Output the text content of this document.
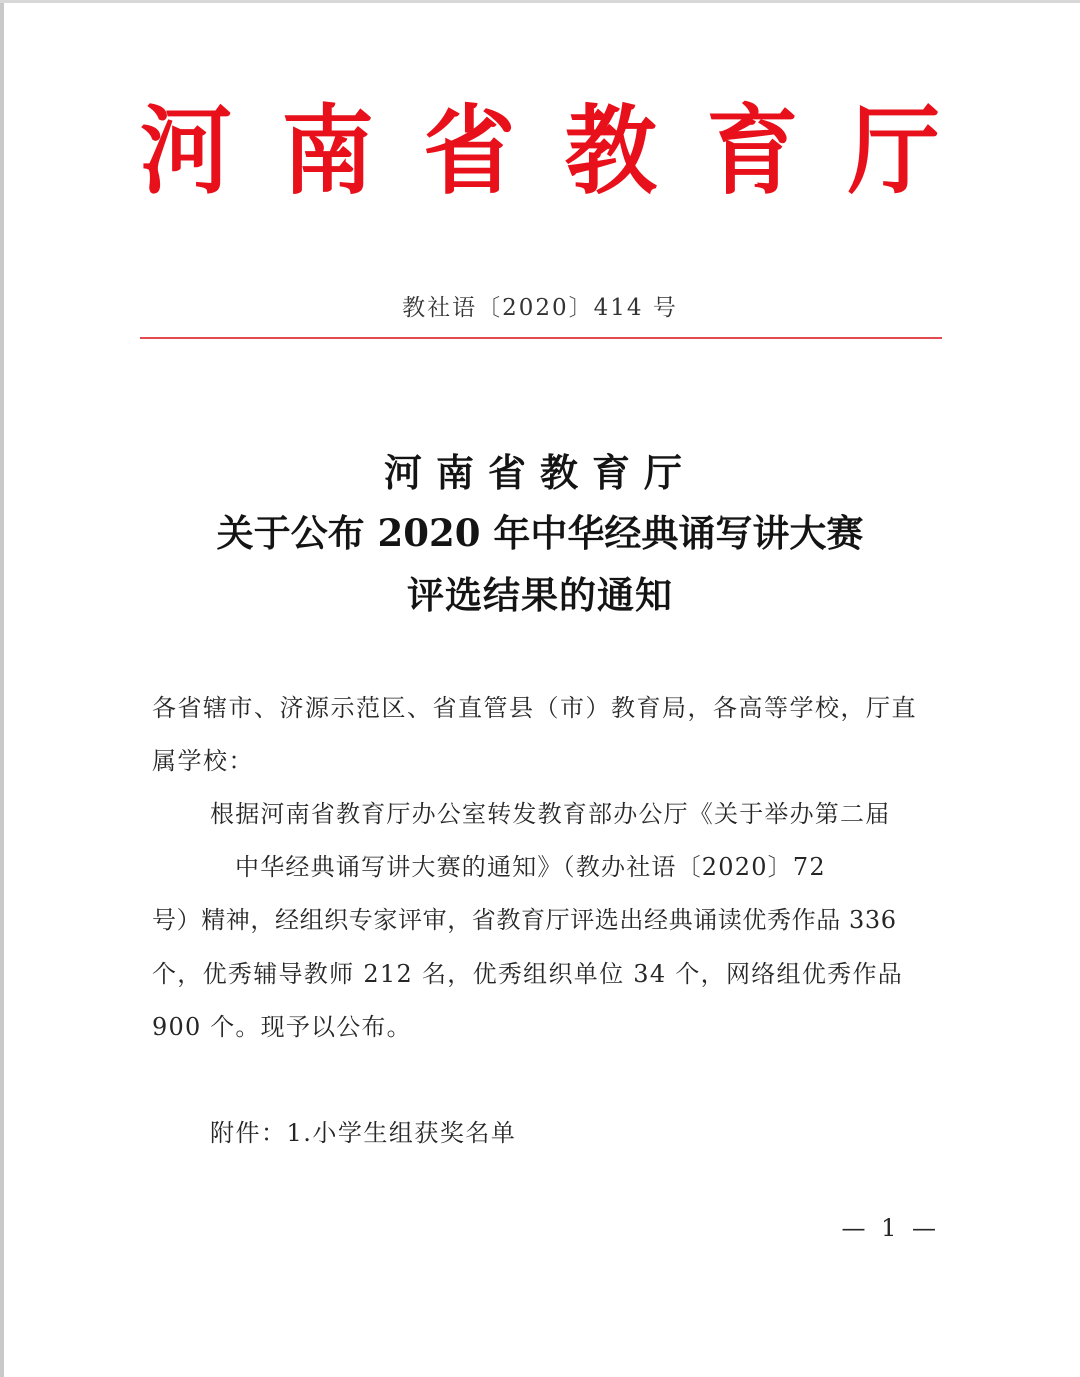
河 南 省 教 育 厅
教社语〔2020〕414 号
河南省教育厅
关于公布 2020 年中华经典诵写讲大赛
评选结果的通知
各省辖市、济源示范区、省直管县（市）教育局，各高等学校，厅直
属学校：
根据河南省教育厅办公室转发教育部办公厅《关于举办第二届
中华经典诵写讲大赛的通知》（教办社语〔2020〕72
号）精神，经组织专家评审，省教育厅评选出经典诵读优秀作品 336
个，优秀辅导教师 212 名，优秀组织单位 34 个，网络组优秀作品
900 个。现予以公布。
附件：1.小学生组获奖名单
— 1 —
